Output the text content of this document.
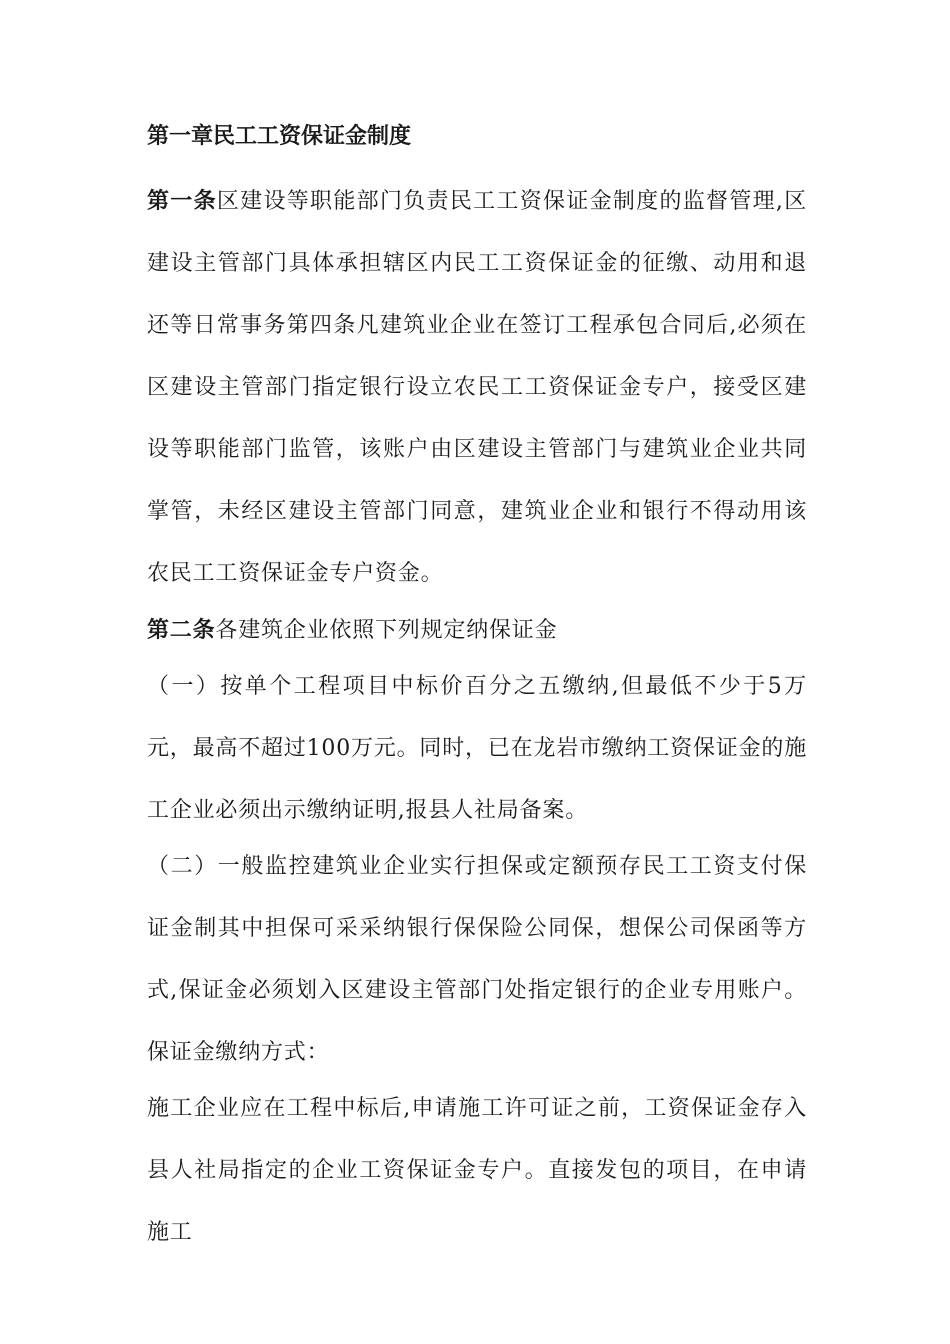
第一章民工工资保证金制度

第一条区建设等职能部门负责民工工资保证金制度的监督管理,区建设主管部门具体承担辖区内民工工资保证金的征缴、动用和退还等日常事务第四条凡建筑业企业在签订工程承包合同后,必须在区建设主管部门指定银行设立农民工工资保证金专户，接受区建设等职能部门监管，该账户由区建设主管部门与建筑业企业共同掌管，未经区建设主管部门同意，建筑业企业和银行不得动用该农民工工资保证金专户资金。

第二条各建筑企业依照下列规定纳保证金

（一）按单个工程项目中标价百分之五缴纳,但最低不少于5万元，最高不超过100万元。同时，已在龙岩市缴纳工资保证金的施工企业必须出示缴纳证明,报县人社局备案。

（二）一般监控建筑业企业实行担保或定额预存民工工资支付保证金制其中担保可采采纳银行保保险公同保，想保公司保函等方式,保证金必须划入区建设主管部门处指定银行的企业专用账户。保证金缴纳方式：

施工企业应在工程中标后,申请施工许可证之前，工资保证金存入县人社局指定的企业工资保证金专户。直接发包的项目，在申请施工
